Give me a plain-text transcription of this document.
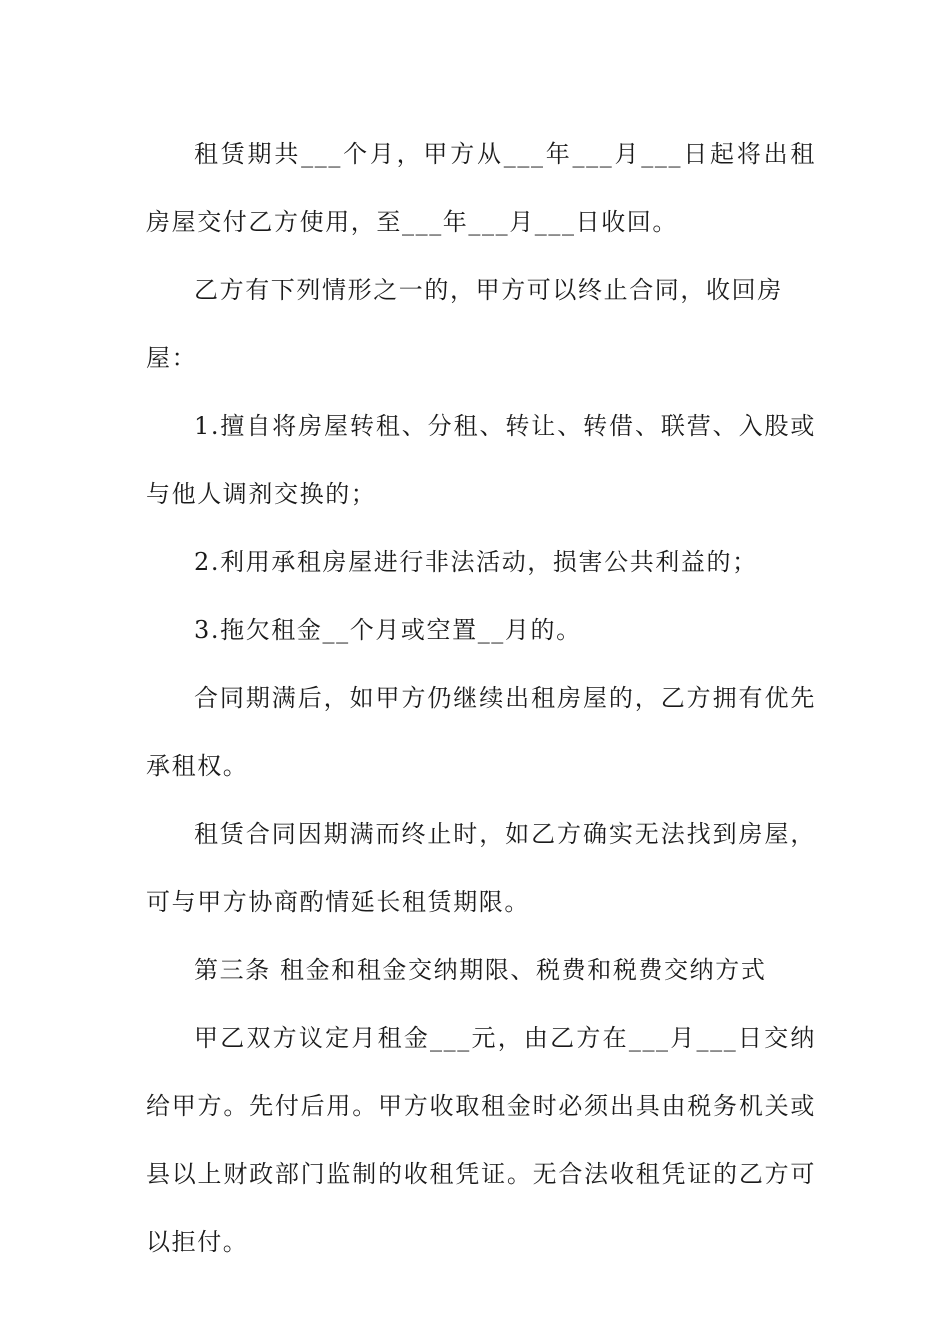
租赁期共___个月，甲方从___年___月___日起将出租房屋交付乙方使用，至___年___月___日收回。

乙方有下列情形之一的，甲方可以终止合同，收回房屋：

1.擅自将房屋转租、分租、转让、转借、联营、入股或与他人调剂交换的；

2.利用承租房屋进行非法活动，损害公共利益的；

3.拖欠租金__个月或空置__月的。

合同期满后，如甲方仍继续出租房屋的，乙方拥有优先承租权。

租赁合同因期满而终止时，如乙方确实无法找到房屋，可与甲方协商酌情延长租赁期限。

第三条 租金和租金交纳期限、税费和税费交纳方式

甲乙双方议定月租金___元，由乙方在___月___日交纳给甲方。先付后用。甲方收取租金时必须出具由税务机关或县以上财政部门监制的收租凭证。无合法收租凭证的乙方可以拒付。
